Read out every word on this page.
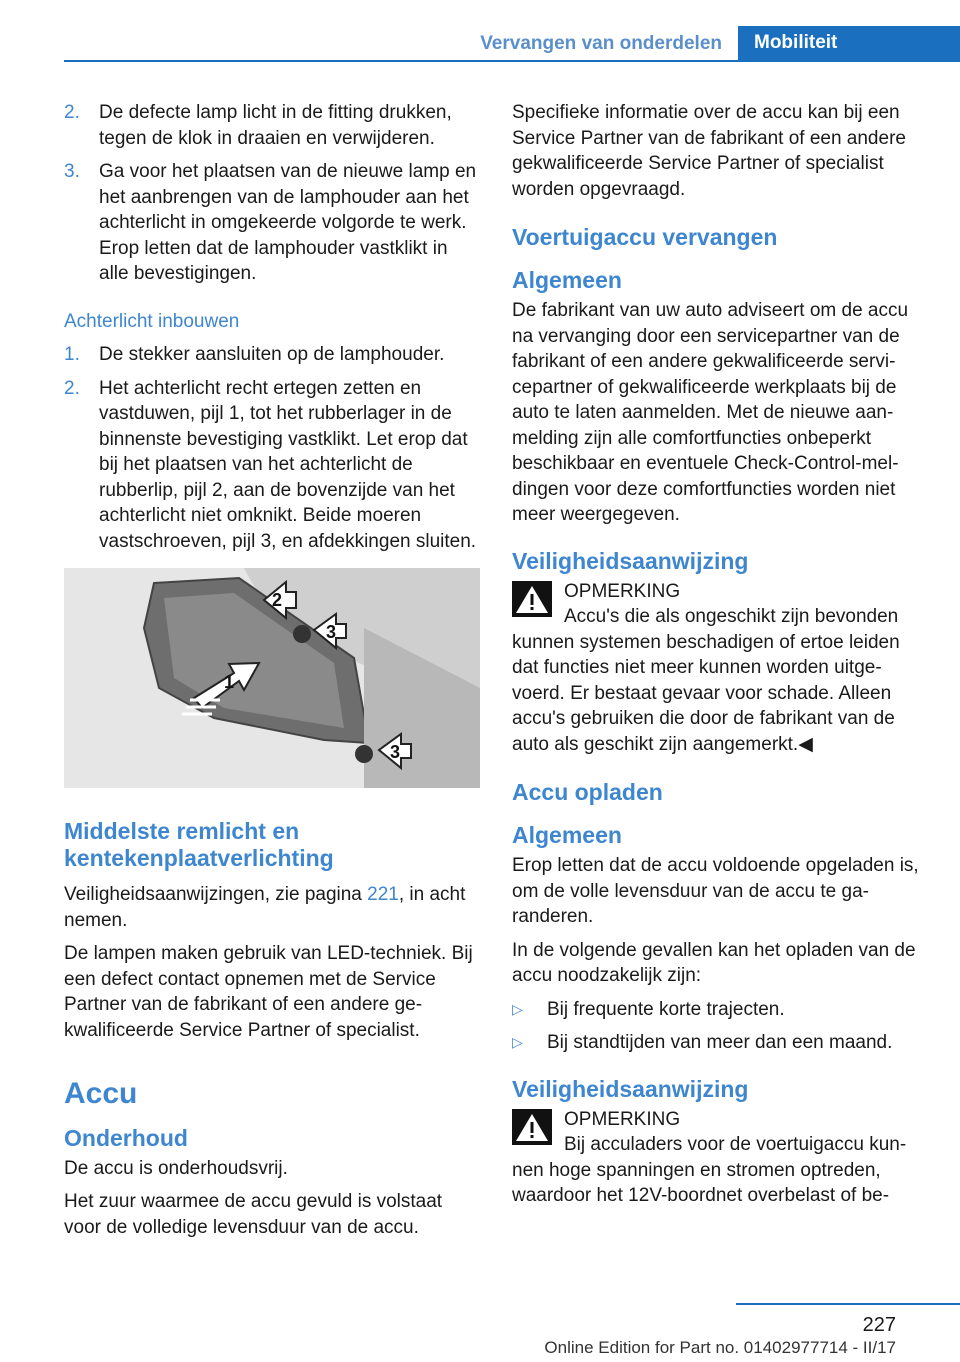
Vervangen van onderdelen	Mobiliteit
2. De defecte lamp licht in de fitting drukken, tegen de klok in draaien en verwijderen.
3. Ga voor het plaatsen van de nieuwe lamp en het aanbrengen van de lamphouder aan het achterlicht in omgekeerde volgorde te werk. Erop letten dat de lamphouder vastklikt in alle bevestigingen.
Achterlicht inbouwen
1. De stekker aansluiten op de lamphouder.
2. Het achterlicht recht ertegen zetten en vastduwen, pijl 1, tot het rubberlager in de binnenste bevestiging vastklikt. Let erop dat bij het plaatsen van het achterlicht de rubberlip, pijl 2, aan de bovenzijde van het achterlicht niet omknikt. Beide moeren vastschroeven, pijl 3, en afdekkingen sluiten.
2
3
3
1
Middelste remlicht en kentekenplaatverlichting

Veiligheidsaanwijzingen, zie pagina 221, in acht nemen.

De lampen maken gebruik van LED-techniek. Bij een defect contact opnemen met de Service Partner van de fabrikant of een andere gekwalificeerde Service Partner of specialist.

Accu
Onderhoud

De accu is onderhoudsvrij.

Het zuur waarmee de accu gevuld is volstaat voor de volledige levensduur van de accu.

Specifieke informatie over de accu kan bij een Service Partner van de fabrikant of een andere gekwalificeerde Service Partner of specialist worden opgevraagd.

Voertuigaccu vervangen
Algemeen

De fabrikant van uw auto adviseert om de accu na vervanging door een servicepartner van de fabrikant of een andere gekwalificeerde servicepartner of gekwalificeerde werkplaats bij de auto te laten aanmelden. Met de nieuwe aanmelding zijn alle comfortfuncties onbeperkt beschikbaar en eventuele Check-Control-meldingen voor deze comfortfuncties worden niet meer weergegeven.

Veiligheidsaanwijzing
OPMERKING
Accu's die als ongeschikt zijn bevonden kunnen systemen beschadigen of ertoe leiden dat functies niet meer kunnen worden uitgevoerd. Er bestaat gevaar voor schade. Alleen accu's gebruiken die door de fabrikant van de auto als geschikt zijn aangemerkt.◀
Accu opladen
Algemeen

Erop letten dat de accu voldoende opgeladen is, om de volle levensduur van de accu te garanderen.

In de volgende gevallen kan het opladen van de accu noodzakelijk zijn:

▷ Bij frequente korte trajecten.
▷ Bij standtijden van meer dan een maand.
Veiligheidsaanwijzing
OPMERKING
Bij acculaders voor de voertuigaccu kunnen hoge spanningen en stromen optreden, waardoor het 12V-boordnet overbelast of be-
227
Online Edition for Part no. 01402977714 - II/17
